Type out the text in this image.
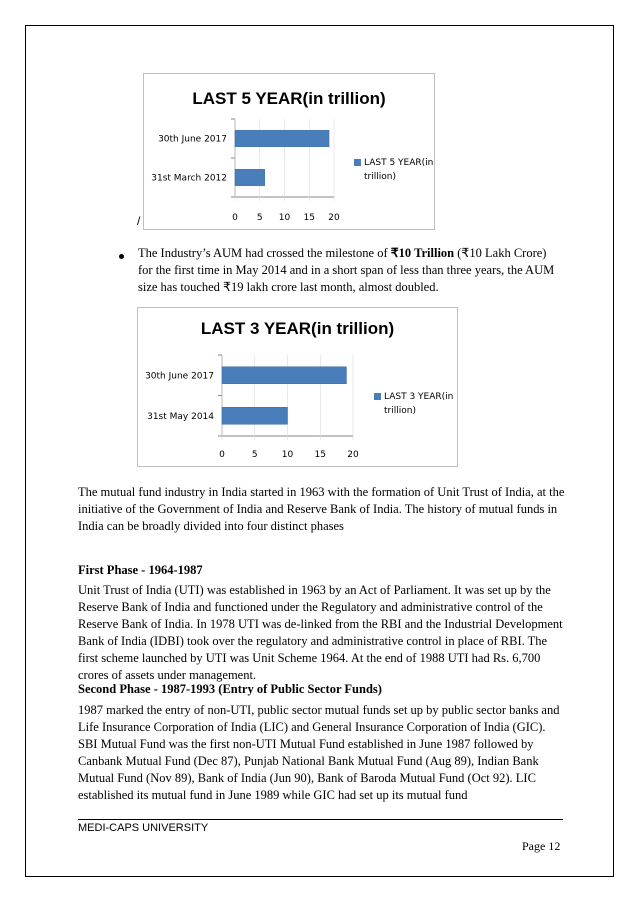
LAST 5 YEAR(in trillion)
0 5 10 15 20
31st March 2012
30th June 2017
LAST 5 YEAR(in trillion)
/
The Industry’s AUM had crossed the milestone of ₹10 Trillion (₹10 Lakh Crore) for the first time in May 2014 and in a short span of less than three years, the AUM size has touched ₹19 lakh crore last month, almost doubled.
LAST 3 YEAR(in trillion)
0	5	10 15 20
31st May 2014
30th June 2017
LAST 3 YEAR(in trillion)
The mutual fund industry in India started in 1963 with the formation of Unit Trust of India, at the initiative of the Government of India and Reserve Bank of India. The history of mutual funds in India can be broadly divided into four distinct phases
First Phase - 1964-1987
Unit Trust of India (UTI) was established in 1963 by an Act of Parliament. It was set up by the Reserve Bank of India and functioned under the Regulatory and administrative control of the Reserve Bank of India. In 1978 UTI was de-linked from the RBI and the Industrial Development Bank of India (IDBI) took over the regulatory and administrative control in place of RBI. The first scheme launched by UTI was Unit Scheme 1964. At the end of 1988 UTI had Rs. 6,700 crores of assets under management.
Second Phase - 1987-1993 (Entry of Public Sector Funds)
1987 marked the entry of non-UTI, public sector mutual funds set up by public sector banks and Life Insurance Corporation of India (LIC) and General Insurance Corporation of India (GIC). SBI Mutual Fund was the first non-UTI Mutual Fund established in June 1987 followed by Canbank Mutual Fund (Dec 87), Punjab National Bank Mutual Fund (Aug 89), Indian Bank Mutual Fund (Nov 89), Bank of India (Jun 90), Bank of Baroda Mutual Fund (Oct 92). LIC established its mutual fund in June 1989 while GIC had set up its mutual fund
MEDI-CAPS UNIVERSITY
Page 12
